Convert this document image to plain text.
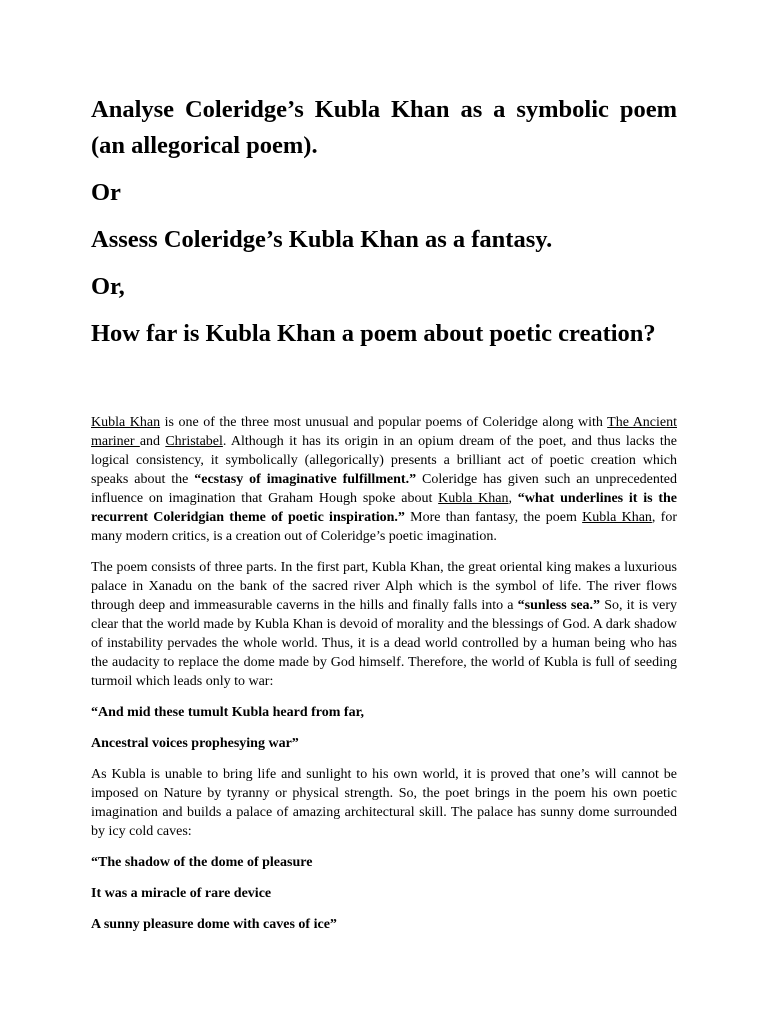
Analyse Coleridge’s Kubla Khan as a symbolic poem (an allegorical poem).
Or
Assess Coleridge’s Kubla Khan as a fantasy.
Or,
How far is Kubla Khan a poem about poetic creation?

Kubla Khan is one of the three most unusual and popular poems of Coleridge along with The Ancient mariner and Christabel. Although it has its origin in an opium dream of the poet, and thus lacks the logical consistency, it symbolically (allegorically) presents a brilliant act of poetic creation which speaks about the “ecstasy of imaginative fulfillment.” Coleridge has given such an unprecedented influence on imagination that Graham Hough spoke about Kubla Khan, “what underlines it is the recurrent Coleridgian theme of poetic inspiration.” More than fantasy, the poem Kubla Khan, for many modern critics, is a creation out of Coleridge’s poetic imagination.

The poem consists of three parts. In the first part, Kubla Khan, the great oriental king makes a luxurious palace in Xanadu on the bank of the sacred river Alph which is the symbol of life. The river flows through deep and immeasurable caverns in the hills and finally falls into a “sunless sea.” So, it is very clear that the world made by Kubla Khan is devoid of morality and the blessings of God. A dark shadow of instability pervades the whole world. Thus, it is a dead world controlled by a human being who has the audacity to replace the dome made by God himself. Therefore, the world of Kubla is full of seeding turmoil which leads only to war:

“And mid these tumult Kubla heard from far,

Ancestral voices prophesying war”

As Kubla is unable to bring life and sunlight to his own world, it is proved that one’s will cannot be imposed on Nature by tyranny or physical strength. So, the poet brings in the poem his own poetic imagination and builds a palace of amazing architectural skill. The palace has sunny dome surrounded by icy cold caves:

“The shadow of the dome of pleasure

It was a miracle of rare device

A sunny pleasure dome with caves of ice”
